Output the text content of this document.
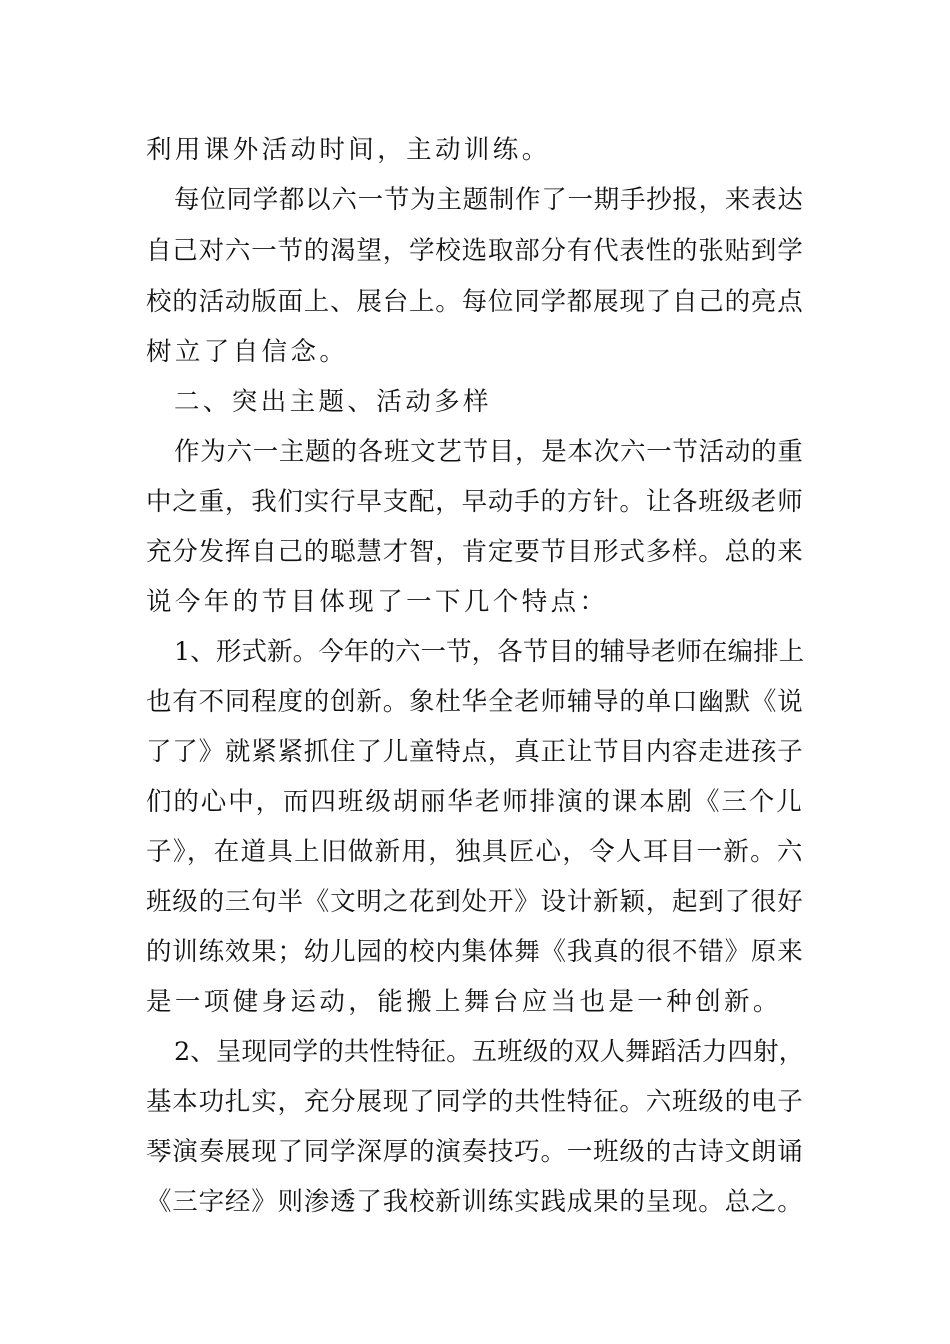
利用课外活动时间，主动训练。
每位同学都以六一节为主题制作了一期手抄报，来表达
自己对六一节的渴望，学校选取部分有代表性的张贴到学
校的活动版面上、展台上。每位同学都展现了自己的亮点
树立了自信念。
二、突出主题、活动多样
作为六一主题的各班文艺节目，是本次六一节活动的重
中之重，我们实行早支配，早动手的方针。让各班级老师
充分发挥自己的聪慧才智，肯定要节目形式多样。总的来
说今年的节目体现了一下几个特点：
1、形式新。今年的六一节，各节目的辅导老师在编排上
也有不同程度的创新。象杜华全老师辅导的单口幽默《说
了了》就紧紧抓住了儿童特点，真正让节目内容走进孩子
们的心中，而四班级胡丽华老师排演的课本剧《三个儿
子》，在道具上旧做新用，独具匠心，令人耳目一新。六
班级的三句半《文明之花到处开》设计新颖，起到了很好
的训练效果；幼儿园的校内集体舞《我真的很不错》原来
是一项健身运动，能搬上舞台应当也是一种创新。
2、呈现同学的共性特征。五班级的双人舞蹈活力四射，
基本功扎实，充分展现了同学的共性特征。六班级的电子
琴演奏展现了同学深厚的演奏技巧。一班级的古诗文朗诵
《三字经》则渗透了我校新训练实践成果的呈现。总之。
